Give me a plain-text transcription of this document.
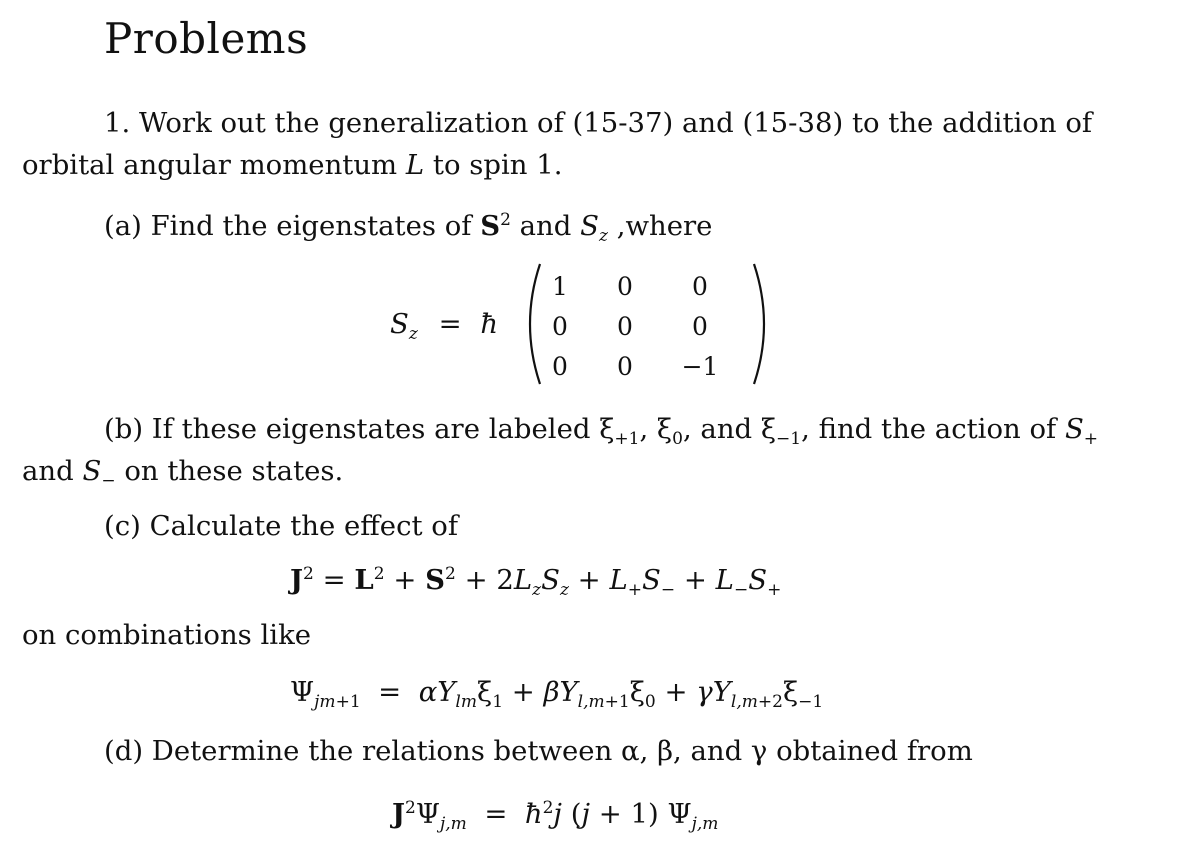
Problems
1. Work out the generalization of (15-37) and (15-38) to the addition of
orbital angular momentum L to spin 1.
(a) Find the eigenstates of $S^2$ and $S_z$ ,where
$S_z$ = ħ
1	0	0
0	0	0
0	0	−1
(b) If these eigenstates are labeled $\xi_{+1}$, $\xi_0$, and $\xi_{-1}$, find the action of $S_+$
and $S_-$ on these states.
(c) Calculate the effect of
$J^2 = L^2 + S^2 + 2L_zS_z + L_+S_- + L_-S_+$
on combinations like
$\Psi_{jm+1} = \alpha Y_{lm}\xi_1 + \beta Y_{l,m+1}\xi_0 + \gamma Y_{l,m+2}\xi_{-1}$
(d) Determine the relations between α, β, and γ obtained from
$J^2\Psi_{j,m}$  =  $ħ^2j$ (j + 1) $\Psi_{j,m}$
